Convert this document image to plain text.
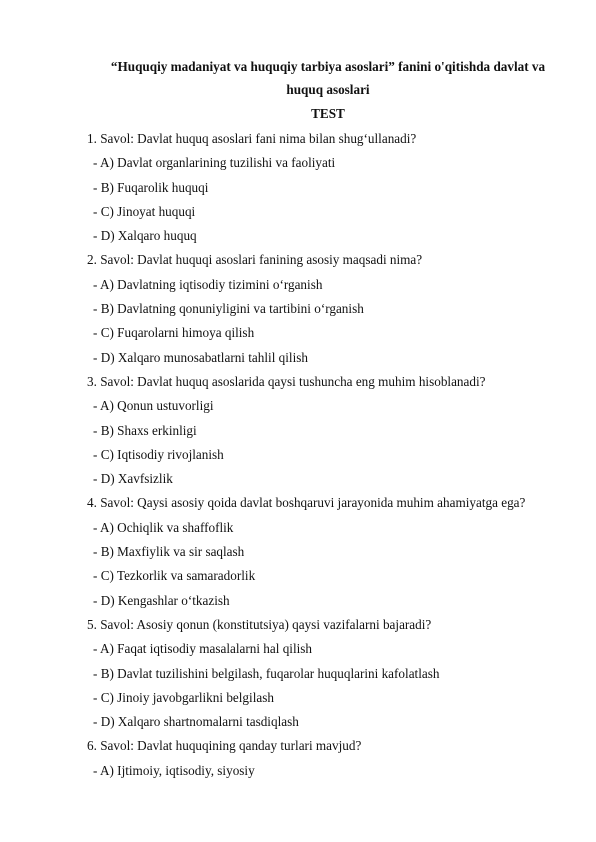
“Huquqiy madaniyat va huquqiy tarbiya asoslari” fanini o'qitishda davlat va
huquq asoslari
TEST
1. Savol: Davlat huquq asoslari fani nima bilan shug‘ullanadi?
- A) Davlat organlarining tuzilishi va faoliyati
- B) Fuqarolik huquqi
- C) Jinoyat huquqi
- D) Xalqaro huquq
2. Savol: Davlat huquqi asoslari fanining asosiy maqsadi nima?
- A) Davlatning iqtisodiy tizimini o‘rganish
- B) Davlatning qonuniyligini va tartibini o‘rganish
- C) Fuqarolarni himoya qilish
- D) Xalqaro munosabatlarni tahlil qilish
3. Savol: Davlat huquq asoslarida qaysi tushuncha eng muhim hisoblanadi?
- A) Qonun ustuvorligi
- B) Shaxs erkinligi
- C) Iqtisodiy rivojlanish
- D) Xavfsizlik
4. Savol: Qaysi asosiy qoida davlat boshqaruvi jarayonida muhim ahamiyatga ega?
- A) Ochiqlik va shaffoflik
- B) Maxfiylik va sir saqlash
- C) Tezkorlik va samaradorlik
- D) Kengashlar o‘tkazish
5. Savol: Asosiy qonun (konstitutsiya) qaysi vazifalarni bajaradi?
- A) Faqat iqtisodiy masalalarni hal qilish
- B) Davlat tuzilishini belgilash, fuqarolar huquqlarini kafolatlash
- C) Jinoiy javobgarlikni belgilash
- D) Xalqaro shartnomalarni tasdiqlash
6. Savol: Davlat huquqining qanday turlari mavjud?
- A) Ijtimoiy, iqtisodiy, siyosiy
